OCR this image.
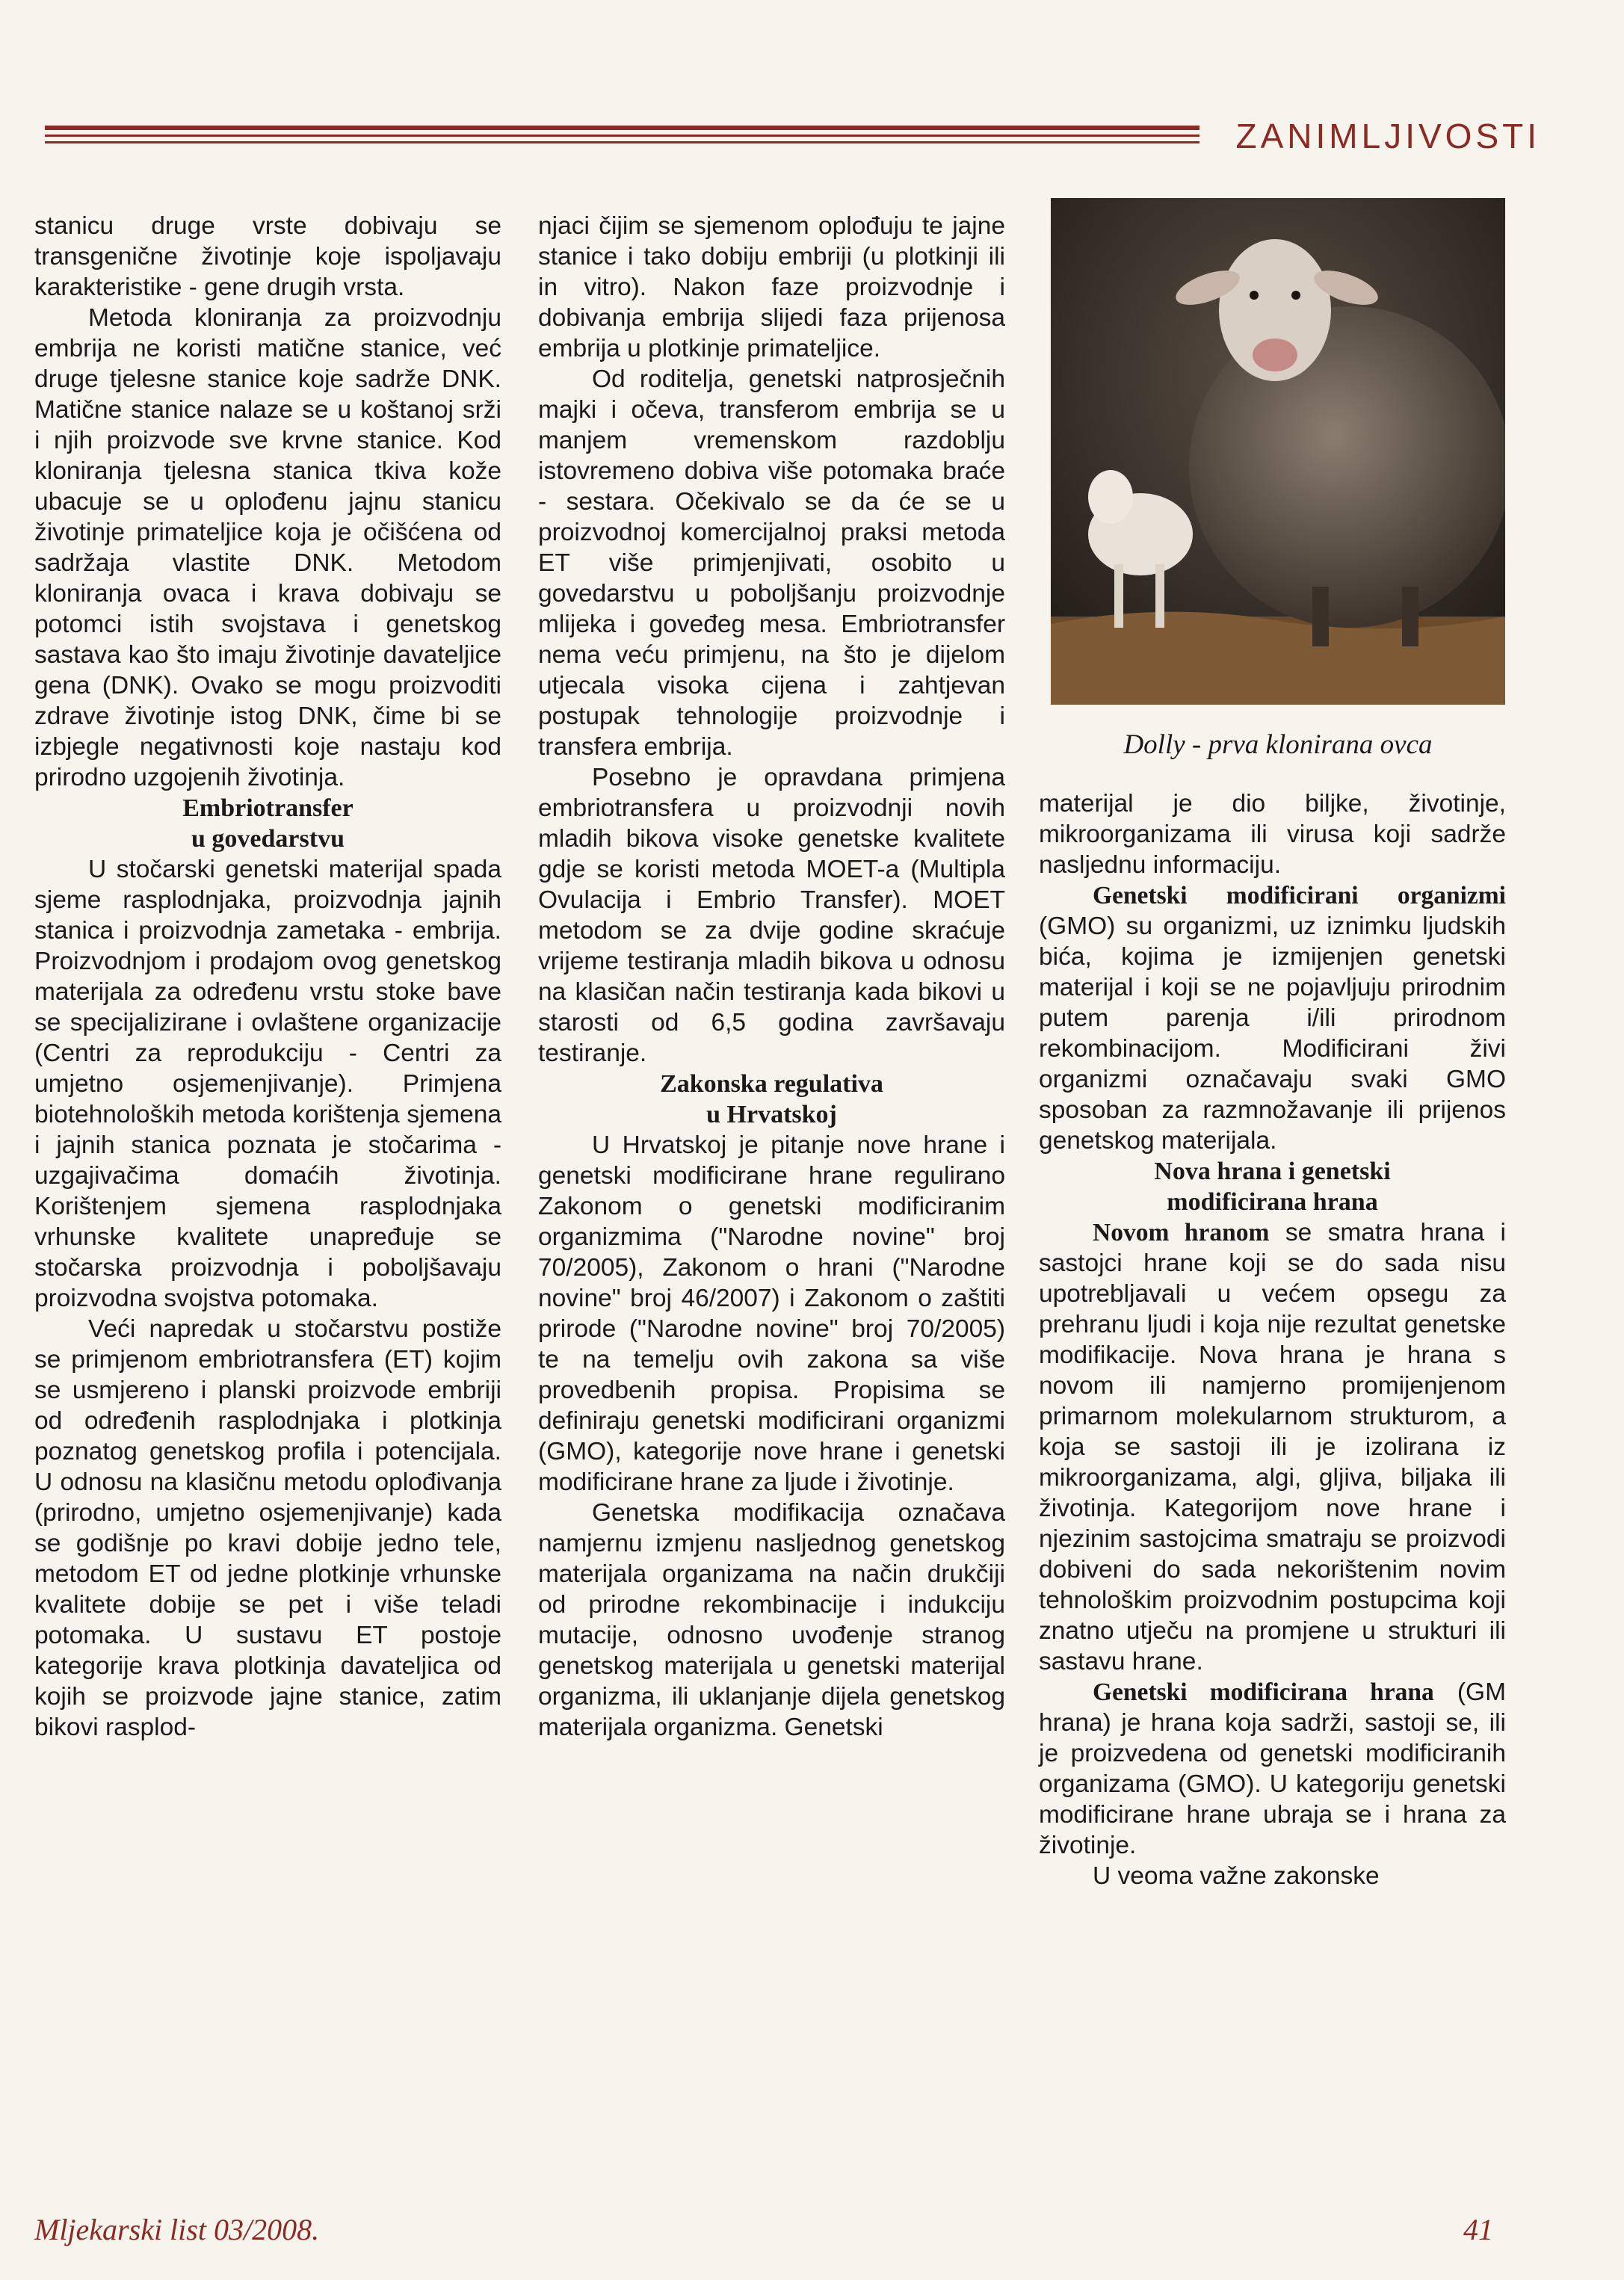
ZANIMLJIVOSTI

stanicu druge vrste dobivaju se transgenične životinje koje ispoljavaju karakteristike - gene drugih vrsta.

Metoda kloniranja za proizvodnju embrija ne koristi matične stanice, već druge tjelesne stanice koje sadrže DNK. Matične stanice nalaze se u koštanoj srži i njih proizvode sve krvne stanice. Kod kloniranja tjelesna stanica tkiva kože ubacuje se u oplođenu jajnu stanicu životinje primateljice koja je očišćena od sadržaja vlastite DNK. Metodom kloniranja ovaca i krava dobivaju se potomci istih svojstava i genetskog sastava kao što imaju životinje davateljice gena (DNK). Ovako se mogu proizvoditi zdrave životinje istog DNK, čime bi se izbjegle negativnosti koje nastaju kod prirodno uzgojenih životinja.

Embriotransfer
u govedarstvu

U stočarski genetski materijal spada sjeme rasplodnjaka, proizvodnja jajnih stanica i proizvodnja zametaka - embrija. Proizvodnjom i prodajom ovog genetskog materijala za određenu vrstu stoke bave se specijalizirane i ovlaštene organizacije (Centri za reprodukciju - Centri za umjetno osjemenjivanje). Primjena biotehnoloških metoda korištenja sjemena i jajnih stanica poznata je stočarima - uzgajivačima domaćih životinja. Korištenjem sjemena rasplodnjaka vrhunske kvalitete unapređuje se stočarska proizvodnja i poboljšavaju proizvodna svojstva potomaka.

Veći napredak u stočarstvu postiže se primjenom embriotransfera (ET) kojim se usmjereno i planski proizvode embriji od određenih rasplodnjaka i plotkinja poznatog genetskog profila i potencijala. U odnosu na klasičnu metodu oplođivanja (prirodno, umjetno osjemenjivanje) kada se godišnje po kravi dobije jedno tele, metodom ET od jedne plotkinje vrhunske kvalitete dobije se pet i više teladi potomaka. U sustavu ET postoje kategorije krava plotkinja davateljica od kojih se proizvode jajne stanice, zatim bikovi rasplod-

njaci čijim se sjemenom oplođuju te jajne stanice i tako dobiju embriji (u plotkinji ili in vitro). Nakon faze proizvodnje i dobivanja embrija slijedi faza prijenosa embrija u plotkinje primateljice.

Od roditelja, genetski natprosječnih majki i očeva, transferom embrija se u manjem vremenskom razdoblju istovremeno dobiva više potomaka braće - sestara. Očekivalo se da će se u proizvodnoj komercijalnoj praksi metoda ET više primjenjivati, osobito u govedarstvu u poboljšanju proizvodnje mlijeka i goveđeg mesa. Embriotransfer nema veću primjenu, na što je dijelom utjecala visoka cijena i zahtjevan postupak tehnologije proizvodnje i transfera embrija.

Posebno je opravdana primjena embriotransfera u proizvodnji novih mladih bikova visoke genetske kvalitete gdje se koristi metoda MOET-a (Multipla Ovulacija i Embrio Transfer). MOET metodom se za dvije godine skraćuje vrijeme testiranja mladih bikova u odnosu na klasičan način testiranja kada bikovi u starosti od 6,5 godina završavaju testiranje.

Zakonska regulativa
u Hrvatskoj

U Hrvatskoj je pitanje nove hrane i genetski modificirane hrane regulirano Zakonom o genetski modificiranim organizmima ("Narodne novine" broj 70/2005), Zakonom o hrani ("Narodne novine" broj 46/2007) i Zakonom o zaštiti prirode ("Narodne novine" broj 70/2005) te na temelju ovih zakona sa više provedbenih propisa. Propisima se definiraju genetski modificirani organizmi (GMO), kategorije nove hrane i genetski modificirane hrane za ljude i životinje.

Genetska modifikacija označava namjernu izmjenu nasljednog genetskog materijala organizama na način drukčiji od prirodne rekombinacije i indukciju mutacije, odnosno uvođenje stranog genetskog materijala u genetski materijal organizma, ili uklanjanje dijela genetskog materijala organizma. Genetski

Dolly - prva klonirana ovca

materijal je dio biljke, životinje, mikroorganizama ili virusa koji sadrže nasljednu informaciju.

Genetski modificirani organizmi (GMO) su organizmi, uz iznimku ljudskih bića, kojima je izmijenjen genetski materijal i koji se ne pojavljuju prirodnim putem parenja i/ili prirodnom rekombinacijom. Modificirani živi organizmi označavaju svaki GMO sposoban za razmnožavanje ili prijenos genetskog materijala.

Nova hrana i genetski
modificirana hrana

Novom hranom se smatra hrana i sastojci hrane koji se do sada nisu upotrebljavali u većem opsegu za prehranu ljudi i koja nije rezultat genetske modifikacije. Nova hrana je hrana s novom ili namjerno promijenjenom primarnom molekularnom strukturom, a koja se sastoji ili je izolirana iz mikroorganizama, algi, gljiva, biljaka ili životinja. Kategorijom nove hrane i njezinim sastojcima smatraju se proizvodi dobiveni do sada nekorištenim novim tehnološkim proizvodnim postupcima koji znatno utječu na promjene u strukturi ili sastavu hrane.

Genetski modificirana hrana (GM hrana) je hrana koja sadrži, sastoji se, ili je proizvedena od genetski modificiranih organizama (GMO). U kategoriju genetski modificirane hrane ubraja se i hrana za životinje.

U veoma važne zakonske

Mljekarski list 03/2008.	41
